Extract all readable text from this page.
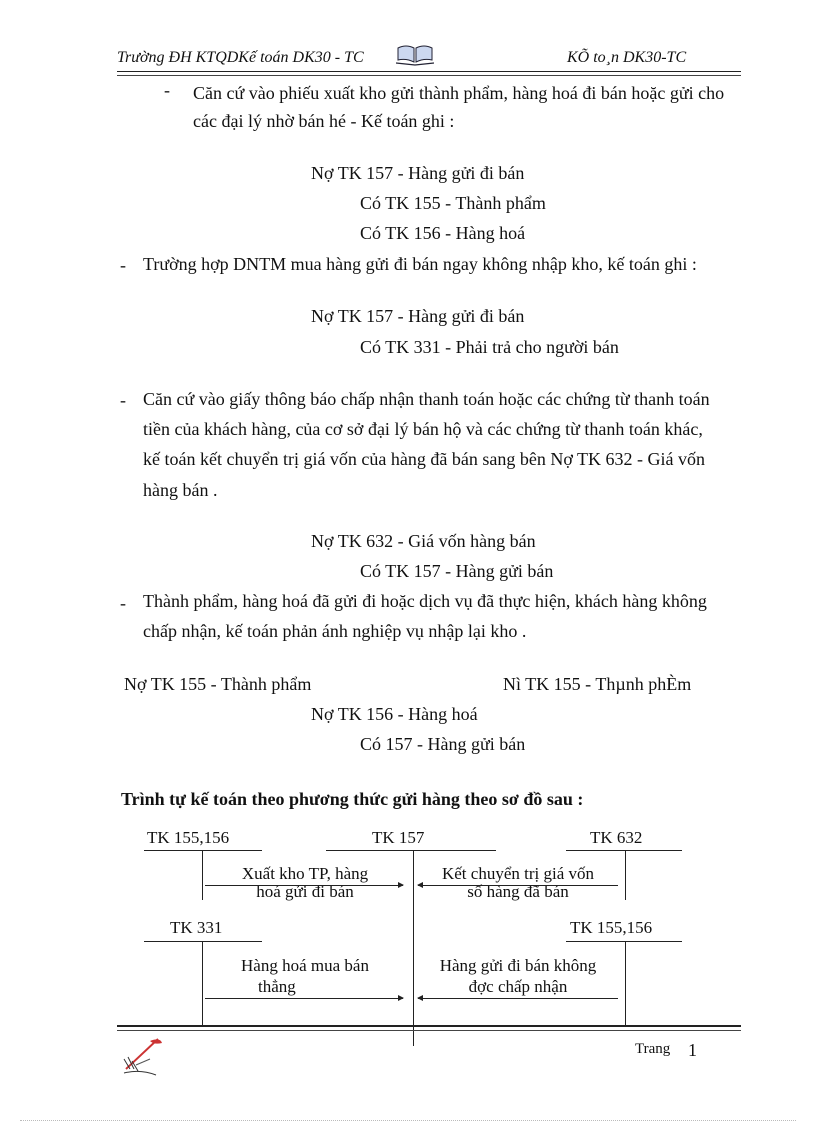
Trường ĐH KTQDKế toán DK30 - TC	KÕ to¸n DK30-TC
- Căn cứ vào phiếu xuất kho gửi thành phẩm, hàng hoá đi bán hoặc gửi cho
các đại lý nhờ bán hé - Kế toán ghi :
Nợ TK 157 - Hàng gửi đi bán
Có TK 155 - Thành phẩm
Có TK 156 - Hàng hoá
- Trường hợp DNTM mua hàng gửi đi bán ngay không nhập kho, kế toán ghi :
Nợ TK 157 - Hàng gửi đi bán
Có TK 331 - Phải trả cho người bán
- Căn cứ vào giấy thông báo chấp nhận thanh toán hoặc các chứng từ thanh toán
tiền của khách hàng, của cơ sở đại lý bán hộ và các chứng từ thanh toán khác,
kế toán kết chuyển trị giá vốn của hàng đã bán sang bên Nợ TK 632 - Giá vốn
hàng bán .
Nợ TK 632 - Giá vốn hàng bán
Có TK 157 - Hàng gửi bán
- Thành phẩm, hàng hoá đã gửi đi hoặc dịch vụ đã thực hiện, khách hàng không
chấp nhận, kế toán phản ánh nghiệp vụ nhập lại kho .
Nợ TK 155 - Thành phẩm	Nì TK 155 - Thµnh phÈm
Nợ TK 156 - Hàng hoá
Có 157 - Hàng gửi bán
Trình tự kế toán theo phương thức gửi hàng theo sơ đồ sau :
TK 155,156	TK 157	TK 632
TK 331	TK 155,156
Xuất kho TP, hàng
hoá gửi đi bán
Kết chuyển trị giá vốn
số hàng đã bán
Hàng hoá mua bán
thẳng
Hàng gửi đi bán không
đợc chấp nhận
Trang 1
